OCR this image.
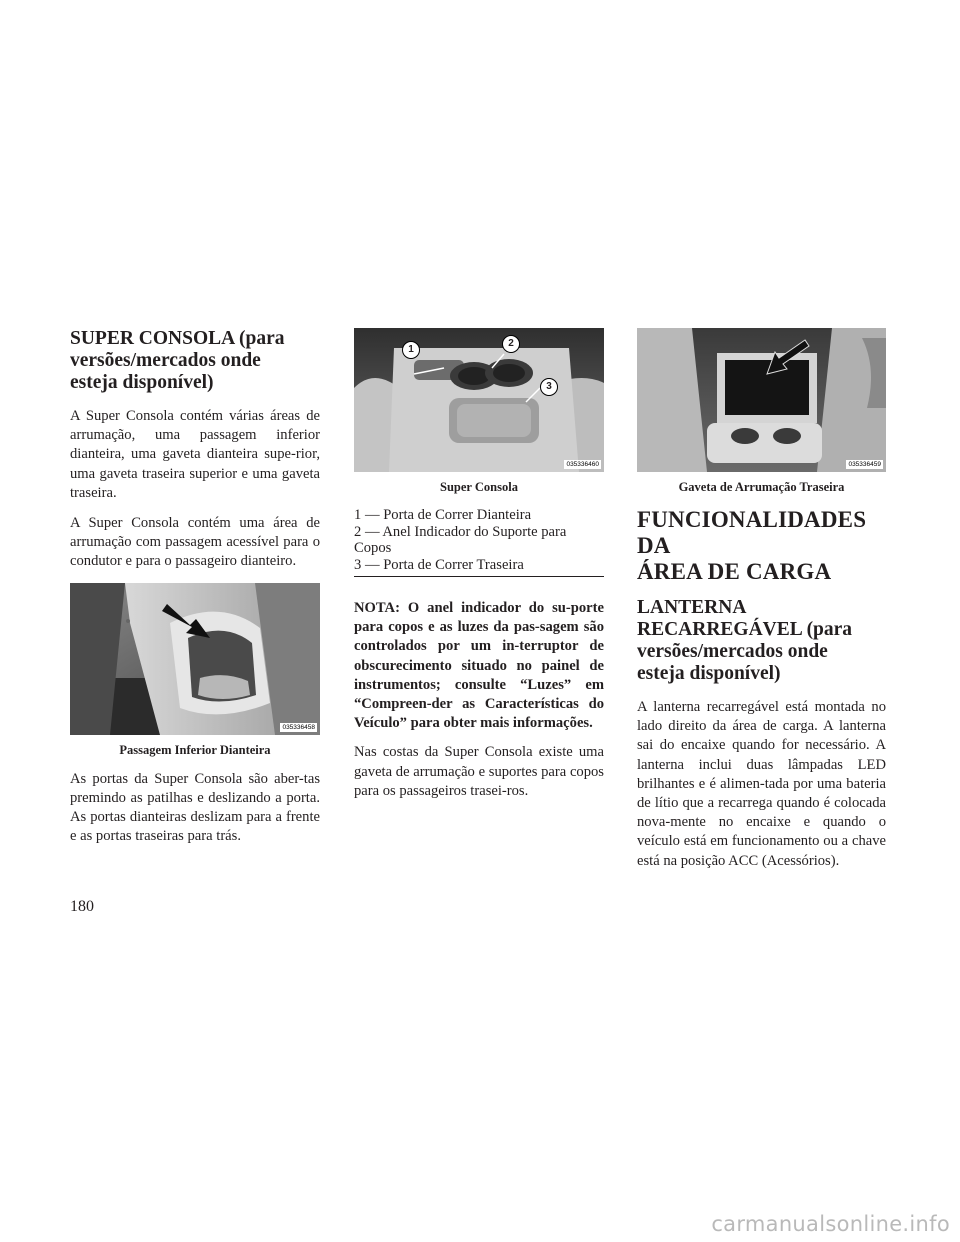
SUPER CONSOLA (para
versões/mercados onde
esteja disponível)

A Super Consola contém várias áreas de arrumação, uma passagem inferior dianteira, uma gaveta dianteira supe-rior, uma gaveta traseira superior e uma gaveta traseira.

A Super Consola contém uma área de arrumação com passagem acessível para o condutor e para o passageiro dianteiro.

035336458
Passagem Inferior Dianteira

As portas da Super Consola são aber-tas premindo as patilhas e deslizando a porta. As portas dianteiras deslizam para a frente e as portas traseiras para trás.

1
2
3
035336460
Super Consola
1 — Porta de Correr Dianteira
2 — Anel Indicador do Suporte para
Copos
3 — Porta de Correr Traseira

NOTA: O anel indicador do su-porte para copos e as luzes da pas-sagem são controlados por um in-terruptor de obscurecimento situado no painel de instrumentos; consulte “Luzes” em “Compreen-der as Características do Veículo” para obter mais informações.

Nas costas da Super Consola existe uma gaveta de arrumação e suportes para copos para os passageiros trasei-ros.

035336459
Gaveta de Arrumação Traseira
FUNCIONALIDADES DA
ÁREA DE CARGA
LANTERNA
RECARREGÁVEL (para
versões/mercados onde
esteja disponível)

A lanterna recarregável está montada no lado direito da área de carga. A lanterna sai do encaixe quando for necessário. A lanterna inclui duas lâmpadas LED brilhantes e é alimen-tada por uma bateria de lítio que a recarrega quando é colocada nova-mente no encaixe e quando o veículo está em funcionamento ou a chave está na posição ACC (Acessórios).

180
carmanualsonline.info
